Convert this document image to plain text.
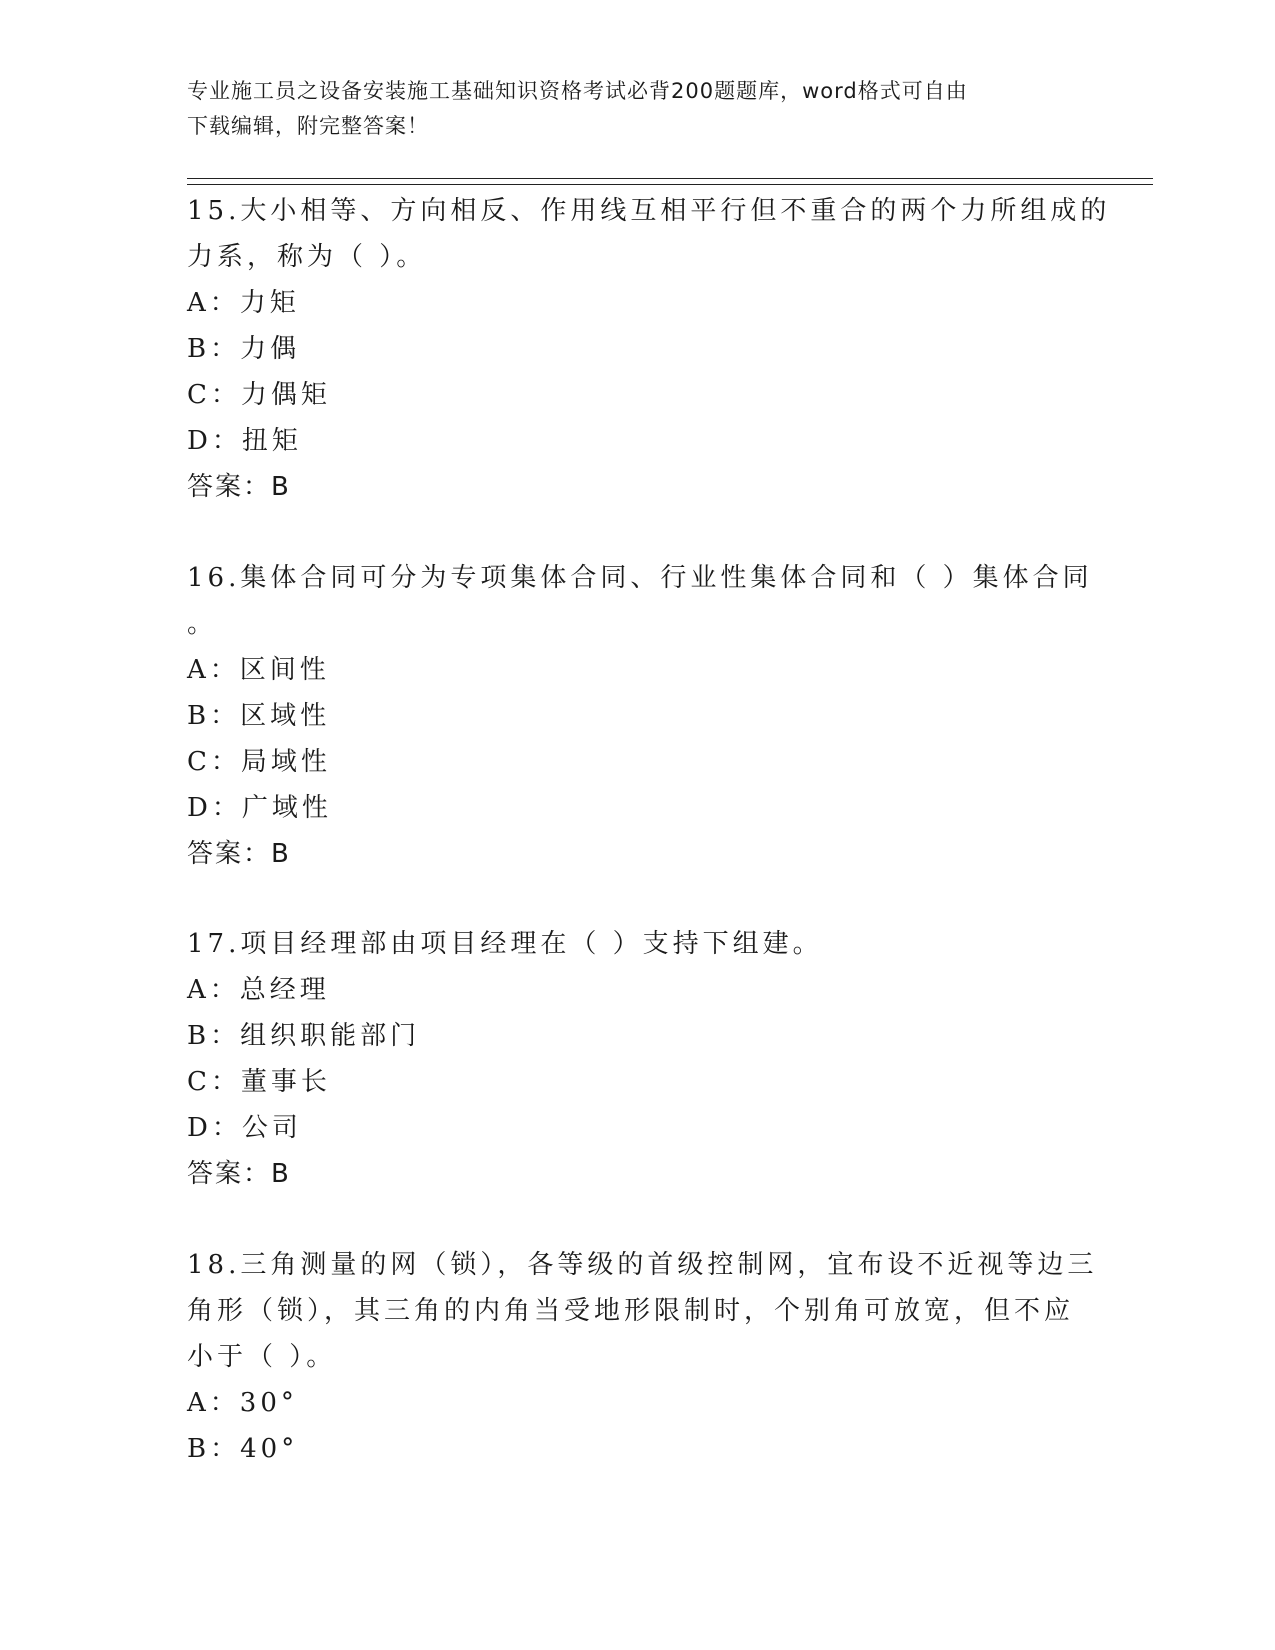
专业施工员之设备安装施工基础知识资格考试必背200题题库，word格式可自由
下载编辑，附完整答案！
15.大小相等、方向相反、作用线互相平行但不重合的两个力所组成的
力系，称为（ ）。
A：力矩
B：力偶
C：力偶矩
D：扭矩
答案：B
16.集体合同可分为专项集体合同、行业性集体合同和（ ）集体合同
。
A：区间性
B：区域性
C：局域性
D：广域性
答案：B
17.项目经理部由项目经理在（ ）支持下组建。
A：总经理
B：组织职能部门
C：董事长
D：公司
答案：B
18.三角测量的网（锁），各等级的首级控制网，宜布设不近视等边三
角形（锁），其三角的内角当受地形限制时，个别角可放宽，但不应
小于（ ）。
A：30°
B：40°
